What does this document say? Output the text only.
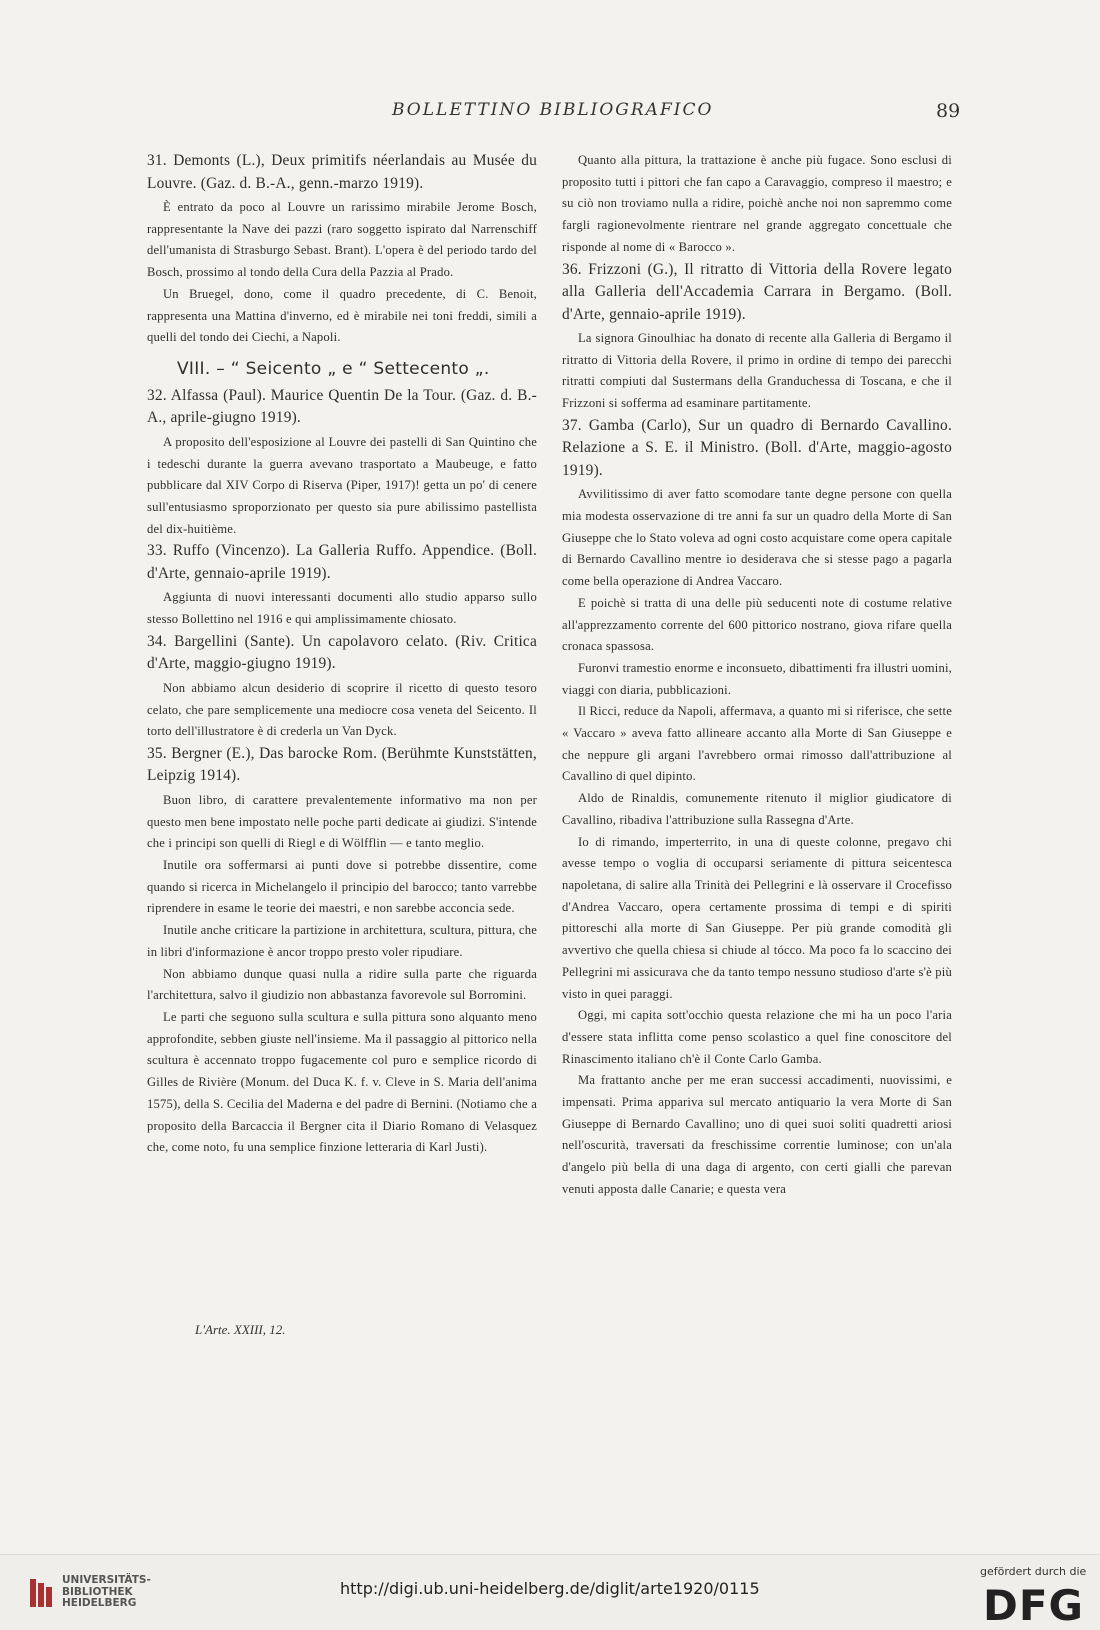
BOLLETTINO BIBLIOGRAFICO	89
31. Demonts (L.), Deux primitifs néerlandais au Musée du Louvre. (Gaz. d. B.-A., genn.-marzo 1919).
È entrato da poco al Louvre un rarissimo mirabile Jerome Bosch, rappresentante la Nave dei pazzi (raro soggetto ispirato dal Narrenschiff dell'umanista di Strasburgo Sebast. Brant). L'opera è del periodo tardo del Bosch, prossimo al tondo della Cura della Pazzia al Prado.
Un Bruegel, dono, come il quadro precedente, di C. Benoit, rappresenta una Mattina d'inverno, ed è mirabile nei toni freddi, simili a quelli del tondo dei Ciechi, a Napoli.
VIII. – “ Seicento „ e “ Settecento „.
32. Alfassa (Paul). Maurice Quentin De la Tour. (Gaz. d. B.-A., aprile-giugno 1919).
A proposito dell'esposizione al Louvre dei pastelli di San Quintino che i tedeschi durante la guerra avevano trasportato a Maubeuge, e fatto pubblicare dal XIV Corpo di Riserva (Piper, 1917)! getta un po' di cenere sull'entusiasmo sproporzionato per questo sia pure abilissimo pastellista del dix-huitième.
33. Ruffo (Vincenzo). La Galleria Ruffo. Appendice. (Boll. d'Arte, gennaio-aprile 1919).
Aggiunta di nuovi interessanti documenti allo studio apparso sullo stesso Bollettino nel 1916 e qui amplissimamente chiosato.
34. Bargellini (Sante). Un capolavoro celato. (Riv. Critica d'Arte, maggio-giugno 1919).
Non abbiamo alcun desiderio di scoprire il ricetto di questo tesoro celato, che pare semplicemente una mediocre cosa veneta del Seicento. Il torto dell'illustratore è di crederla un Van Dyck.
35. Bergner (E.), Das barocke Rom. (Berühmte Kunststätten, Leipzig 1914).
Buon libro, di carattere prevalentemente informativo ma non per questo men bene impostato nelle poche parti dedicate ai giudizi. S'intende che i principi son quelli di Riegl e di Wölfflin — e tanto meglio.
Inutile ora soffermarsi ai punti dove si potrebbe dissentire, come quando si ricerca in Michelangelo il principio del barocco; tanto varrebbe riprendere in esame le teorie dei maestri, e non sarebbe acconcia sede.
Inutile anche criticare la partizione in architettura, scultura, pittura, che in libri d'informazione è ancor troppo presto voler ripudiare.
Non abbiamo dunque quasi nulla a ridire sulla parte che riguarda l'architettura, salvo il giudizio non abbastanza favorevole sul Borromini.
Le parti che seguono sulla scultura e sulla pittura sono alquanto meno approfondite, sebben giuste nell'insieme. Ma il passaggio al pittorico nella scultura è accennato troppo fugacemente col puro e semplice ricordo di Gilles de Rivière (Monum. del Duca K. f. v. Cleve in S. Maria dell'anima 1575), della S. Cecilia del Maderna e del padre di Bernini. (Notiamo che a proposito della Barcaccia il Bergner cita il Diario Romano di Velasquez che, come noto, fu una semplice finzione letteraria di Karl Justi).
Quanto alla pittura, la trattazione è anche più fugace. Sono esclusi di proposito tutti i pittori che fan capo a Caravaggio, compreso il maestro; e su ciò non troviamo nulla a ridire, poichè anche noi non sapremmo come fargli ragionevolmente rientrare nel grande aggregato concettuale che risponde al nome di « Barocco ».
36. Frizzoni (G.), Il ritratto di Vittoria della Rovere legato alla Galleria dell'Accademia Carrara in Bergamo. (Boll. d'Arte, gennaio-aprile 1919).
La signora Ginoulhiac ha donato di recente alla Galleria di Bergamo il ritratto di Vittoria della Rovere, il primo in ordine di tempo dei parecchi ritratti compiuti dal Sustermans della Granduchessa di Toscana, e che il Frizzoni si sofferma ad esaminare partitamente.
37. Gamba (Carlo), Sur un quadro di Bernardo Cavallino. Relazione a S. E. il Ministro. (Boll. d'Arte, maggio-agosto 1919).
Avvilitissimo di aver fatto scomodare tante degne persone con quella mia modesta osservazione di tre anni fa sur un quadro della Morte di San Giuseppe che lo Stato voleva ad ogni costo acquistare come opera capitale di Bernardo Cavallino mentre io desiderava che si stesse pago a pagarla come bella operazione di Andrea Vaccaro.
E poichè si tratta di una delle più seducenti note di costume relative all'apprezzamento corrente del 600 pittorico nostrano, giova rifare quella cronaca spassosa.
Furonvi tramestio enorme e inconsueto, dibattimenti fra illustri uomini, viaggi con diaria, pubblicazioni.
Il Ricci, reduce da Napoli, affermava, a quanto mi si riferisce, che sette « Vaccaro » aveva fatto allineare accanto alla Morte di San Giuseppe e che neppure gli argani l'avrebbero ormai rimosso dall'attribuzione al Cavallino di quel dipinto.
Aldo de Rinaldis, comunemente ritenuto il miglior giudicatore di Cavallino, ribadiva l'attribuzione sulla Rassegna d'Arte.
Io di rimando, imperterrito, in una di queste colonne, pregavo chi avesse tempo o voglia di occuparsi seriamente di pittura seicentesca napoletana, di salire alla Trinità dei Pellegrini e là osservare il Crocefisso d'Andrea Vaccaro, opera certamente prossima di tempi e di spiriti pittoreschi alla morte di San Giuseppe. Per più grande comodità gli avvertivo che quella chiesa si chiude al tócco. Ma poco fa lo scaccino dei Pellegrini mi assicurava che da tanto tempo nessuno studioso d'arte s'è più visto in quei paraggi.
Oggi, mi capita sott'occhio questa relazione che mi ha un poco l'aria d'essere stata inflitta come penso scolastico a quel fine conoscitore del Rinascimento italiano ch'è il Conte Carlo Gamba.
Ma frattanto anche per me eran successi accadimenti, nuovissimi, e impensati. Prima appariva sul mercato antiquario la vera Morte di San Giuseppe di Bernardo Cavallino; uno di quei suoi soliti quadretti ariosi nell'oscurità, traversati da freschissime correntie luminose; con un'ala d'angelo più bella di una daga di argento, con certi gialli che parevan venuti apposta dalle Canarie; e questa vera
L'Arte. XXIII, 12.
UNIVERSITÄTS-
BIBLIOTHEK
HEIDELBERG
http://digi.ub.uni-heidelberg.de/diglit/arte1920/0115
gefördert durch die
DFG
